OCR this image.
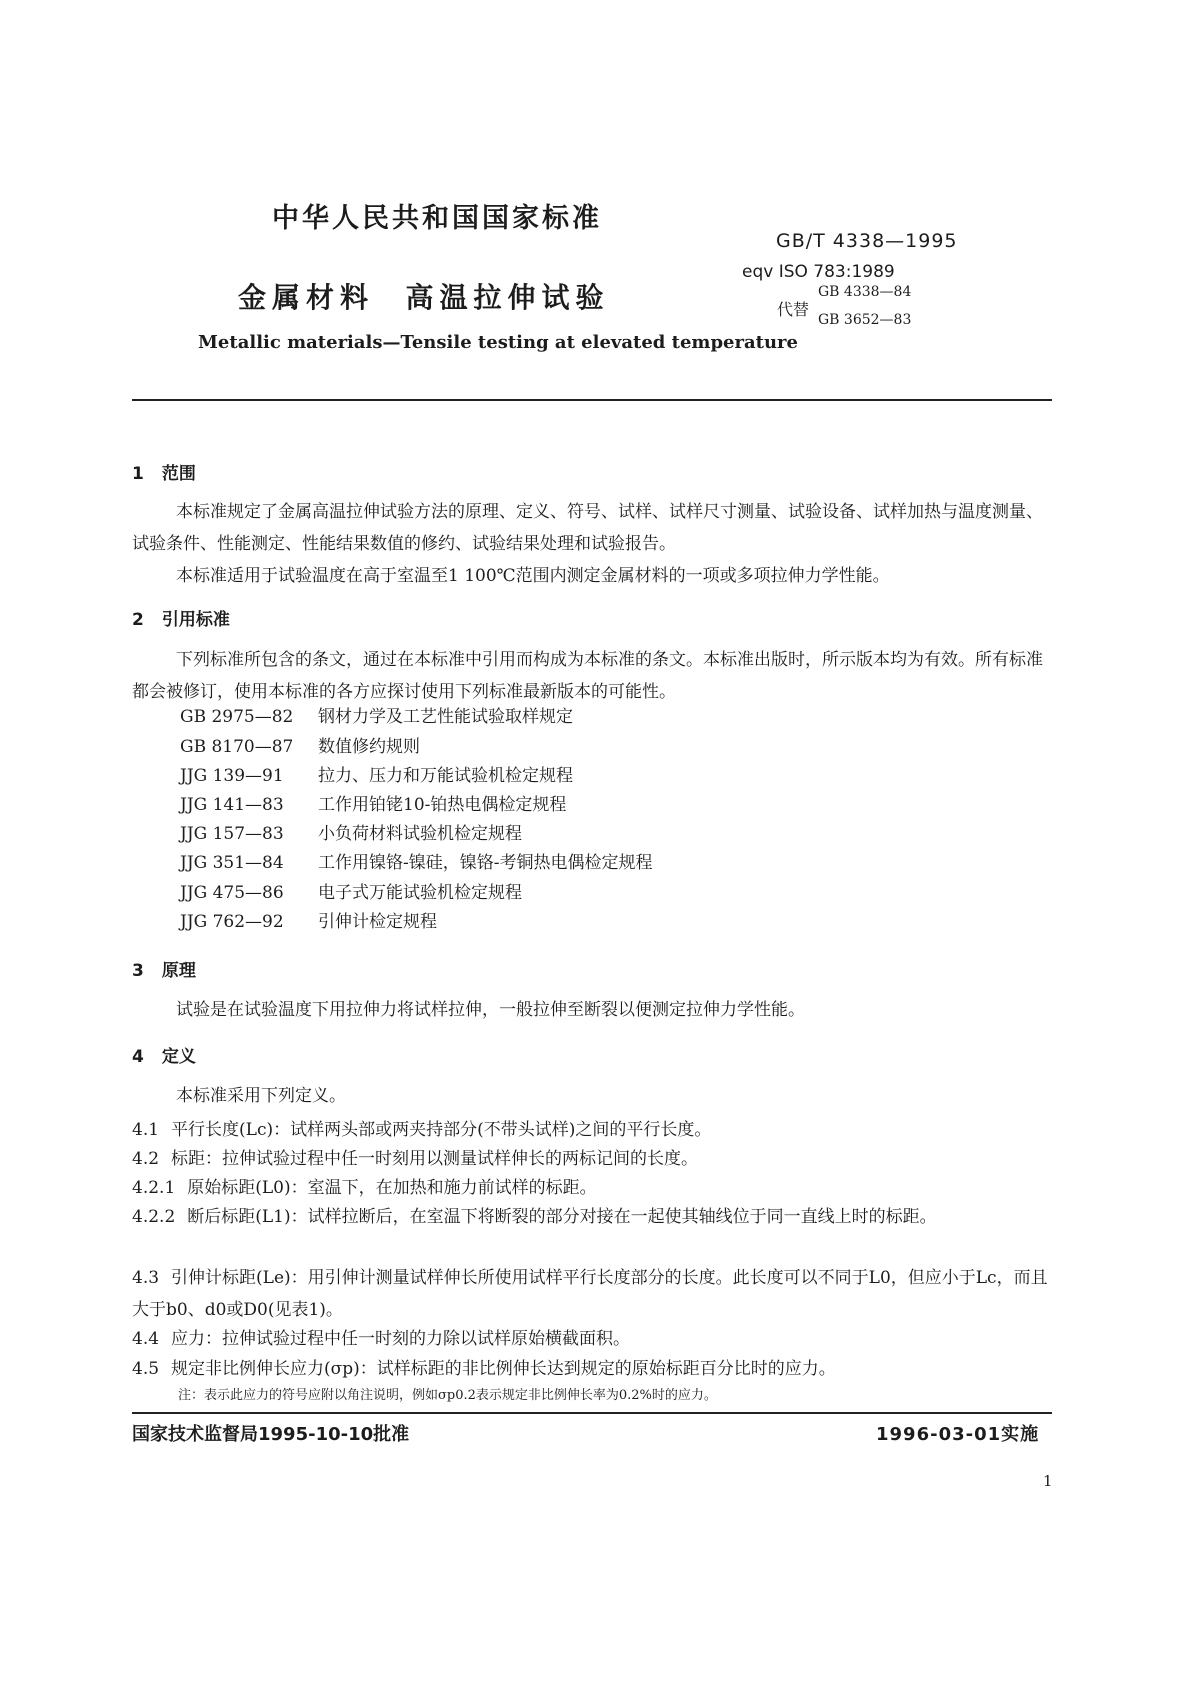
中华人民共和国国家标准
金属材料  高温拉伸试验
Metallic materials—Tensile testing at elevated temperature
GB/T 4338—1995
eqv ISO 783:1989
代替
GB 4338—84
GB 3652—83
1 范围
本标准规定了金属高温拉伸试验方法的原理、定义、符号、试样、试样尺寸测量、试验设备、试样加热与温度测量、试验条件、性能测定、性能结果数值的修约、试验结果处理和试验报告。
本标准适用于试验温度在高于室温至1 100℃范围内测定金属材料的一项或多项拉伸力学性能。
2 引用标准
下列标准所包含的条文，通过在本标准中引用而构成为本标准的条文。本标准出版时，所示版本均为有效。所有标准都会被修订，使用本标准的各方应探讨使用下列标准最新版本的可能性。
GB 2975—82 钢材力学及工艺性能试验取样规定
GB 8170—87 数值修约规则
JJG 139—91 拉力、压力和万能试验机检定规程
JJG 141—83 工作用铂铑10-铂热电偶检定规程
JJG 157—83 小负荷材料试验机检定规程
JJG 351—84 工作用镍铬-镍硅，镍铬-考铜热电偶检定规程
JJG 475—86 电子式万能试验机检定规程
JJG 762—92 引伸计检定规程
3 原理
试验是在试验温度下用拉伸力将试样拉伸，一般拉伸至断裂以便测定拉伸力学性能。
4 定义
本标准采用下列定义。
4.1 平行长度(Lc)：试样两头部或两夹持部分(不带头试样)之间的平行长度。
4.2 标距：拉伸试验过程中任一时刻用以测量试样伸长的两标记间的长度。
4.2.1 原始标距(L0)：室温下，在加热和施力前试样的标距。
4.2.2 断后标距(L1)：试样拉断后，在室温下将断裂的部分对接在一起使其轴线位于同一直线上时的标距。
4.3 引伸计标距(Le)：用引伸计测量试样伸长所使用试样平行长度部分的长度。此长度可以不同于L0，但应小于Lc，而且大于b0、d0或D0(见表1)。
4.4 应力：拉伸试验过程中任一时刻的力除以试样原始横截面积。
4.5 规定非比例伸长应力(σp)：试样标距的非比例伸长达到规定的原始标距百分比时的应力。
注：表示此应力的符号应附以角注说明，例如σp0.2表示规定非比例伸长率为0.2%时的应力。
国家技术监督局1995-10-10批准	1996-03-01实施
1
